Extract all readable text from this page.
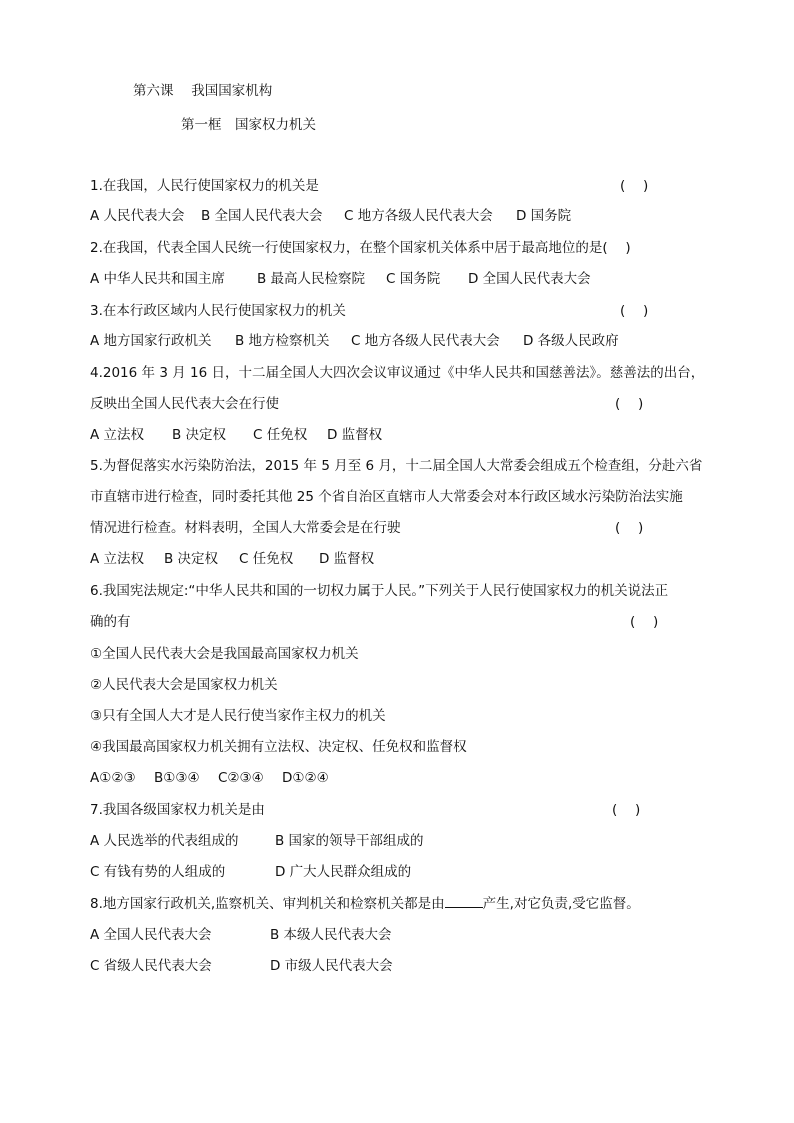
第六课　 我国国家机构
第一框　国家权力机关
1.在我国，人民行使国家权力的机关是	(　 )
A 人民代表大会 B 全国人民代表大会 C 地方各级人民代表大会 D 国务院
2.在我国，代表全国人民统一行使国家权力，在整个国家机关体系中居于最高地位的是(　 )
A 中华人民共和国主席 B 最高人民检察院 C 国务院 D 全国人民代表大会
3.在本行政区域内人民行使国家权力的机关	(　 )
A 地方国家行政机关 B 地方检察机关 C 地方各级人民代表大会 D 各级人民政府
4.2016 年 3 月 16 日，十二届全国人大四次会议审议通过《中华人民共和国慈善法》。慈善法的出台，
反映出全国人民代表大会在行使	(　 )
A 立法权 B 决定权 C 任免权 D 监督权
5.为督促落实水污染防治法，2015 年 5 月至 6 月，十二届全国人大常委会组成五个检查组，分赴六省
市直辖市进行检查，同时委托其他 25 个省自治区直辖市人大常委会对本行政区域水污染防治法实施
情况进行检查。材料表明，全国人大常委会是在行驶	(　 )
A 立法权 B 决定权 C 任免权 D 监督权
6.我国宪法规定:“中华人民共和国的一切权力属于人民。”下列关于人民行使国家权力的机关说法正
确的有	(　 )
①全国人民代表大会是我国最高国家权力机关
②人民代表大会是国家权力机关
③只有全国人大才是人民行使当家作主权力的机关
④我国最高国家权力机关拥有立法权、决定权、任免权和监督权
A①②③ B①③④ C②③④ D①②④
7.我国各级国家权力机关是由	(　 )
A 人民选举的代表组成的	B 国家的领导干部组成的
C 有钱有势的人组成的	D 广大人民群众组成的
8.地方国家行政机关,监察机关、审判机关和检察机关都是由	产生,对它负责,受它监督。
A 全国人民代表大会	B 本级人民代表大会
C 省级人民代表大会	D 市级人民代表大会
